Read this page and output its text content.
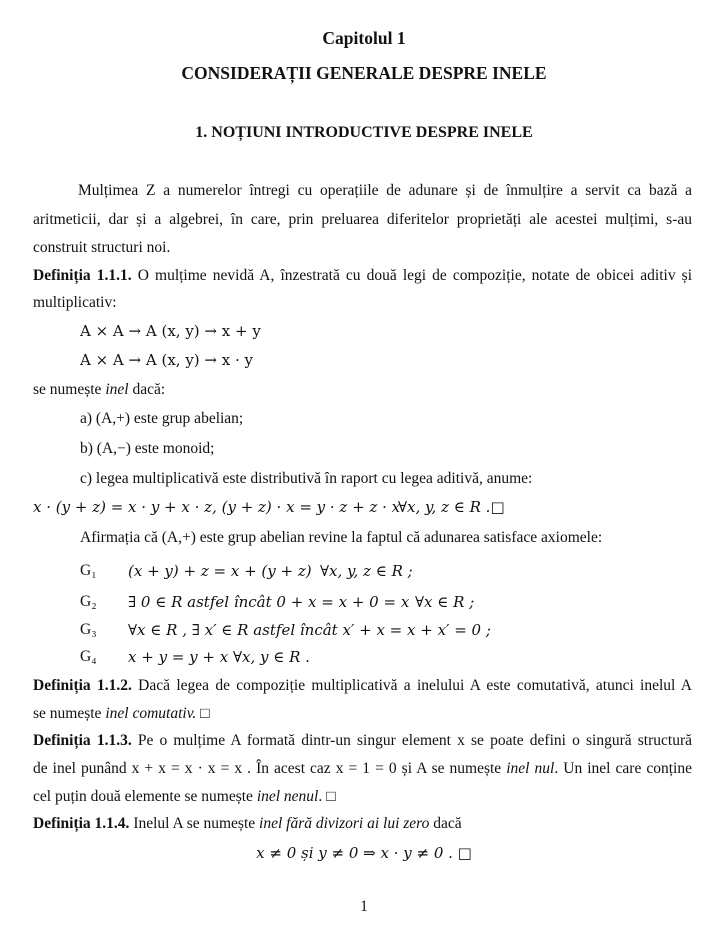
Capitolul 1
CONSIDERAȚII GENERALE DESPRE INELE
1. NOȚIUNI INTRODUCTIVE DESPRE INELE
Mulțimea Z a numerelor întregi cu operațiile de adunare și de înmulțire a servit ca bază a
aritmeticii, dar și a algebrei, în care, prin preluarea diferitelor proprietăți ale acestei mulțimi, s-au
construit structuri noi.
Definiția 1.1.1. O mulțime nevidă A, înzestrată cu două legi de compoziție, notate de obicei aditiv și
multiplicativ:
A × A → A (x, y) → x + y
A × A → A (x, y) → x · y
se numește inel dacă:
a) (A,+) este grup abelian;
b) (A,−) este monoid;
c) legea multiplicativă este distributivă în raport cu legea aditivă, anume:
x · (y + z) = x · y + x · z, (y + z) · x = y · z + z · x
∀x, y, z ∈ R .□
Afirmația că (A,+) este grup abelian revine la faptul că adunarea satisface axiomele:
G₁ (x + y) + z = x + (y + z) ∀x, y, z ∈ R ;
G₂ ∃ 0 ∈ R astfel încât 0 + x = x + 0 = x ∀x ∈ R ;
G₃ ∀x ∈ R , ∃ x′ ∈ R astfel încât x′ + x = x + x′ = 0 ;
G₄ x + y = y + x ∀x, y ∈ R .
Definiția 1.1.2. Dacă legea de compoziție multiplicativă a inelului A este comutativă, atunci inelul A
se numește inel comutativ. □
Definiția 1.1.3. Pe o mulțime A formată dintr-un singur element x se poate defini o singură structură
de inel punând x + x = x · x = x . În acest caz x = 1 = 0 și A se numește inel nul. Un inel care conține
cel puțin două elemente se numește inel nenul. □
Definiția 1.1.4. Inelul A se numește inel fără divizori ai lui zero dacă
x ≠ 0 și y ≠ 0 ⇒ x · y ≠ 0 . □
1
